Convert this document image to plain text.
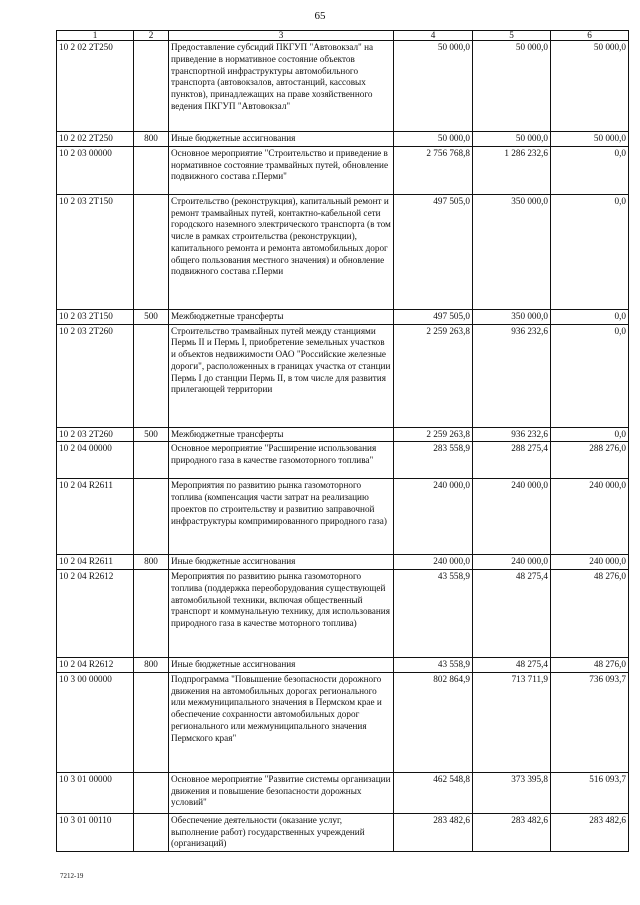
65
1	2	3	4	5	6
10 2 02 2Т250		Предоставление субсидий ПКГУП "Автовокзал" на приведение в нормативное состояние объектов транспортной инфраструктуры автомобильного транспорта (автовокзалов, автостанций, кассовых пунктов), принадлежащих на праве хозяйственного ведения ПКГУП "Автовокзал"	50 000,0	50 000,0	50 000,0
10 2 02 2Т250	800	Иные бюджетные ассигнования	50 000,0	50 000,0	50 000,0
10 2 03 00000		Основное мероприятие "Строительство и приведение в нормативное состояние трамвайных путей, обновление подвижного состава г.Перми"	2 756 768,8	1 286 232,6	0,0
10 2 03 2Т150		Строительство (реконструкция), капитальный ремонт и ремонт трамвайных путей, контактно-кабельной сети городского наземного электрического транспорта (в том числе в рамках строительства (реконструкции), капитального ремонта и ремонта автомобильных дорог общего пользования местного значения) и обновление подвижного состава г.Перми	497 505,0	350 000,0	0,0
10 2 03 2Т150	500	Межбюджетные трансферты	497 505,0	350 000,0	0,0
10 2 03 2Т260		Строительство трамвайных путей между станциями Пермь II и Пермь I, приобретение земельных участков и объектов недвижимости ОАО "Российские железные дороги", расположенных в границах участка от станции Пермь I до станции Пермь II, в том числе для развития прилегающей территории	2 259 263,8	936 232,6	0,0
10 2 03 2Т260	500	Межбюджетные трансферты	2 259 263,8	936 232,6	0,0
10 2 04 00000		Основное мероприятие "Расширение использования природного газа в качестве газомоторного топлива"	283 558,9	288 275,4	288 276,0
10 2 04 R2611		Мероприятия по развитию рынка газомоторного топлива (компенсация части затрат на реализацию проектов по строительству и развитию заправочной инфраструктуры компримированного природного газа)	240 000,0	240 000,0	240 000,0
10 2 04 R2611	800	Иные бюджетные ассигнования	240 000,0	240 000,0	240 000,0
10 2 04 R2612		Мероприятия по развитию рынка газомоторного топлива (поддержка переоборудования существующей автомобильной техники, включая общественный транспорт и коммунальную технику, для использования природного газа в качестве моторного топлива)	43 558,9	48 275,4	48 276,0
10 2 04 R2612	800	Иные бюджетные ассигнования	43 558,9	48 275,4	48 276,0
10 3 00 00000		Подпрограмма "Повышение безопасности дорожного движения на автомобильных дорогах регионального или межмуниципального значения в Пермском крае и обеспечение сохранности автомобильных дорог регионального или межмуниципального значения Пермского края"	802 864,9	713 711,9	736 093,7
10 3 01 00000		Основное мероприятие "Развитие системы организации движения и повышение безопасности дорожных условий"	462 548,8	373 395,8	516 093,7
10 3 01 00110		Обеспечение деятельности (оказание услуг, выполнение работ) государственных учреждений (организаций)	283 482,6	283 482,6	283 482,6
7212-19
